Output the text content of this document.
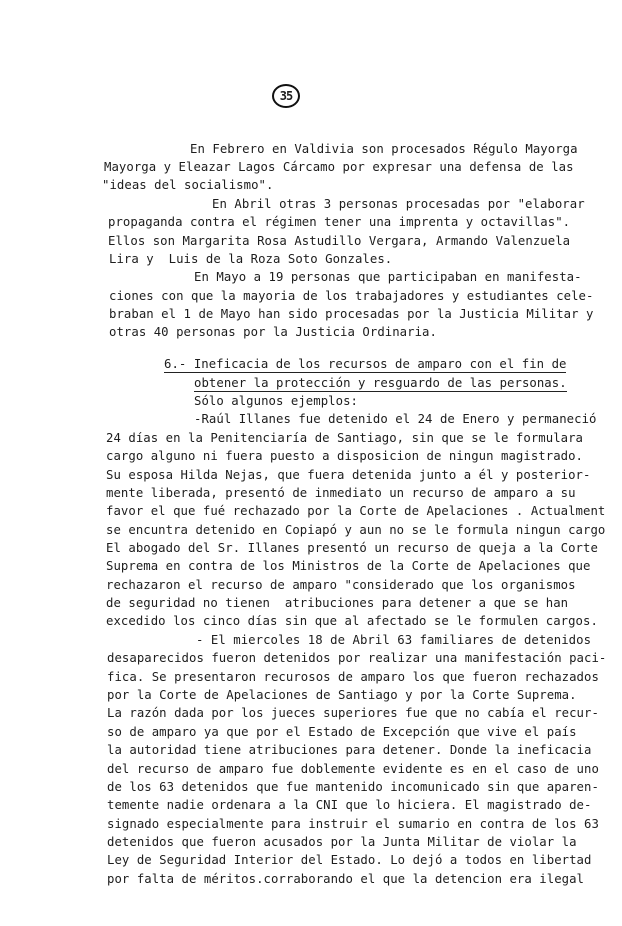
35
En Febrero en Valdivia son procesados Régulo Mayorga
Mayorga y Eleazar Lagos Cárcamo por expresar una defensa de las
"ideas del socialismo".
En Abril otras 3 personas procesadas por "elaborar
propaganda contra el régimen tener una imprenta y octavillas".
Ellos son Margarita Rosa Astudillo Vergara, Armando Valenzuela
Lira y  Luis de la Roza Soto Gonzales.
En Mayo a 19 personas que participaban en manifesta-
ciones con que la mayoria de los trabajadores y estudiantes cele-
braban el 1 de Mayo han sido procesadas por la Justicia Militar y
otras 40 personas por la Justicia Ordinaria.
6.- Ineficacia de los recursos de amparo con el fin de
obtener la protección y resguardo de las personas.
Sólo algunos ejemplos:
-Raúl Illanes fue detenido el 24 de Enero y permaneció
24 días en la Penitenciaría de Santiago, sin que se le formulara
cargo alguno ni fuera puesto a disposicion de ningun magistrado.
Su esposa Hilda Nejas, que fuera detenida junto a él y posterior-
mente liberada, presentó de inmediato un recurso de amparo a su
favor el que fué rechazado por la Corte de Apelaciones . Actualment
se encuntra detenido en Copiapó y aun no se le formula ningun cargo
El abogado del Sr. Illanes presentó un recurso de queja a la Corte
Suprema en contra de los Ministros de la Corte de Apelaciones que
rechazaron el recurso de amparo "considerado que los organismos
de seguridad no tienen  atribuciones para detener a que se han
excedido los cinco días sin que al afectado se le formulen cargos.
- El miercoles 18 de Abril 63 familiares de detenidos
desaparecidos fueron detenidos por realizar una manifestación paci-
fica. Se presentaron recurosos de amparo los que fueron rechazados
por la Corte de Apelaciones de Santiago y por la Corte Suprema.
La razón dada por los jueces superiores fue que no cabía el recur-
so de amparo ya que por el Estado de Excepción que vive el país
la autoridad tiene atribuciones para detener. Donde la ineficacia
del recurso de amparo fue doblemente evidente es en el caso de uno
de los 63 detenidos que fue mantenido incomunicado sin que aparen-
temente nadie ordenara a la CNI que lo hiciera. El magistrado de-
signado especialmente para instruir el sumario en contra de los 63
detenidos que fueron acusados por la Junta Militar de violar la
Ley de Seguridad Interior del Estado. Lo dejó a todos en libertad
por falta de méritos.corraborando el que la detencion era ilegal
